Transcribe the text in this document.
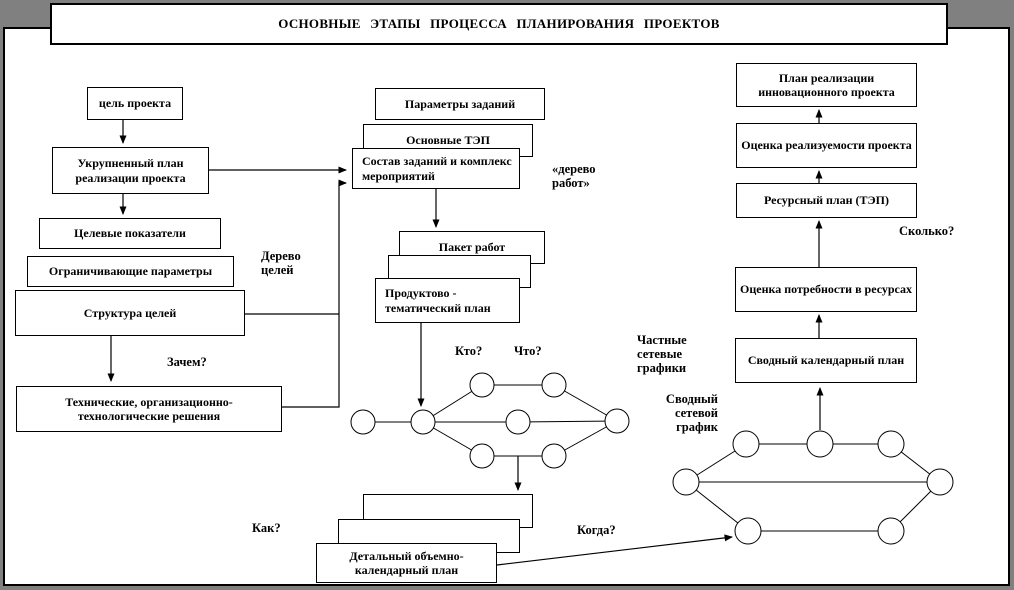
ОСНОВНЫЕ ЭТАПЫ ПРОЦЕССА ПЛАНИРОВАНИЯ ПРОЕКТОВ
цель проекта
Укрупненный план реализации проекта
Целевые показатели
Ограничивающие параметры
Структура целей
Технические, организационно-технологические решения
Параметры заданий
Основные ТЭП
Состав заданий и комплекс мероприятий
Пакет работ
Продуктово - тематический план
Детальный объемно-календарный план
План реализации инновационного проекта
Оценка реализуемости проекта
Ресурсный план (ТЭП)
Оценка потребности в ресурсах
Сводный календарный план
Дерево целей
Зачем?
«дерево работ»
Кто?	Что?
Как?	Когда?
Частные сетевые графики
Сводный сетевой график
Сколько?
